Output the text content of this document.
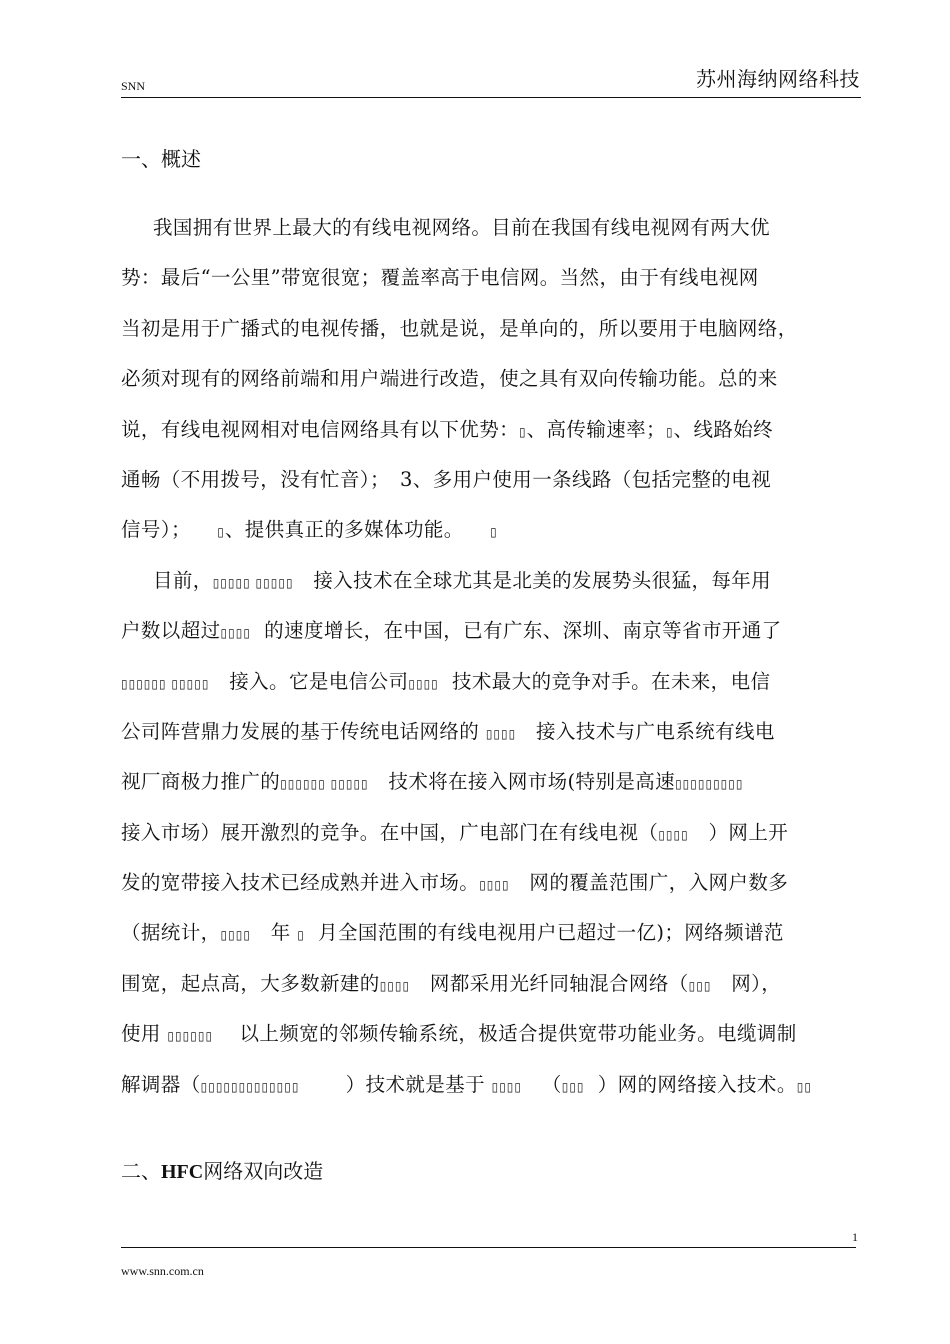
SNN	苏州海纳网络科技
一、概述
我国拥有世界上最大的有线电视网络。目前在我国有线电视网有两大优
势：最后“一公里”带宽很宽；覆盖率高于电信网。当然，由于有线电视网
当初是用于广播式的电视传播，也就是说，是单向的，所以要用于电脑网络，
必须对现有的网络前端和用户端进行改造，使之具有双向传输功能。总的来
说，有线电视网相对电信网络具有以下优势：▯、高传输速率；▯、线路始终
通畅（不用拨号，没有忙音）；　3、多用户使用一条线路（包括完整的电视
信号）； ▯、提供真正的多媒体功能。 ▯
目前，▯▯▯▯▯ ▯▯▯▯▯ 接入技术在全球尤其是北美的发展势头很猛，每年用
户数以超过▯▯▯▯ 的速度增长，在中国，已有广东、深圳、南京等省市开通了
▯▯▯▯▯▯ ▯▯▯▯▯ 接入。它是电信公司▯▯▯▯ 技术最大的竞争对手。在未来，电信
公司阵营鼎力发展的基于传统电话网络的 ▯▯▯▯ 接入技术与广电系统有线电
视厂商极力推广的▯▯▯▯▯▯ ▯▯▯▯▯ 技术将在接入网市场(特别是高速▯▯▯▯▯▯▯▯▯
接入市场）展开激烈的竞争。在中国，广电部门在有线电视（▯▯▯▯ ）网上开
发的宽带接入技术已经成熟并进入市场。▯▯▯▯ 网的覆盖范围广，入网户数多
（据统计，▯▯▯▯ 年 ▯ 月全国范围的有线电视用户已超过一亿)；网络频谱范
围宽，起点高，大多数新建的▯▯▯▯ 网都采用光纤同轴混合网络（▯▯▯ 网），
使用 ▯▯▯▯▯▯ 以上频宽的邻频传输系统，极适合提供宽带功能业务。电缆调制
解调器（▯▯▯▯▯▯▯▯▯▯▯▯▯ ）技术就是基于 ▯▯▯▯ （▯▯▯ ）网的网络接入技术。▯▯
二、HFC网络双向改造
1
www.snn.com.cn
